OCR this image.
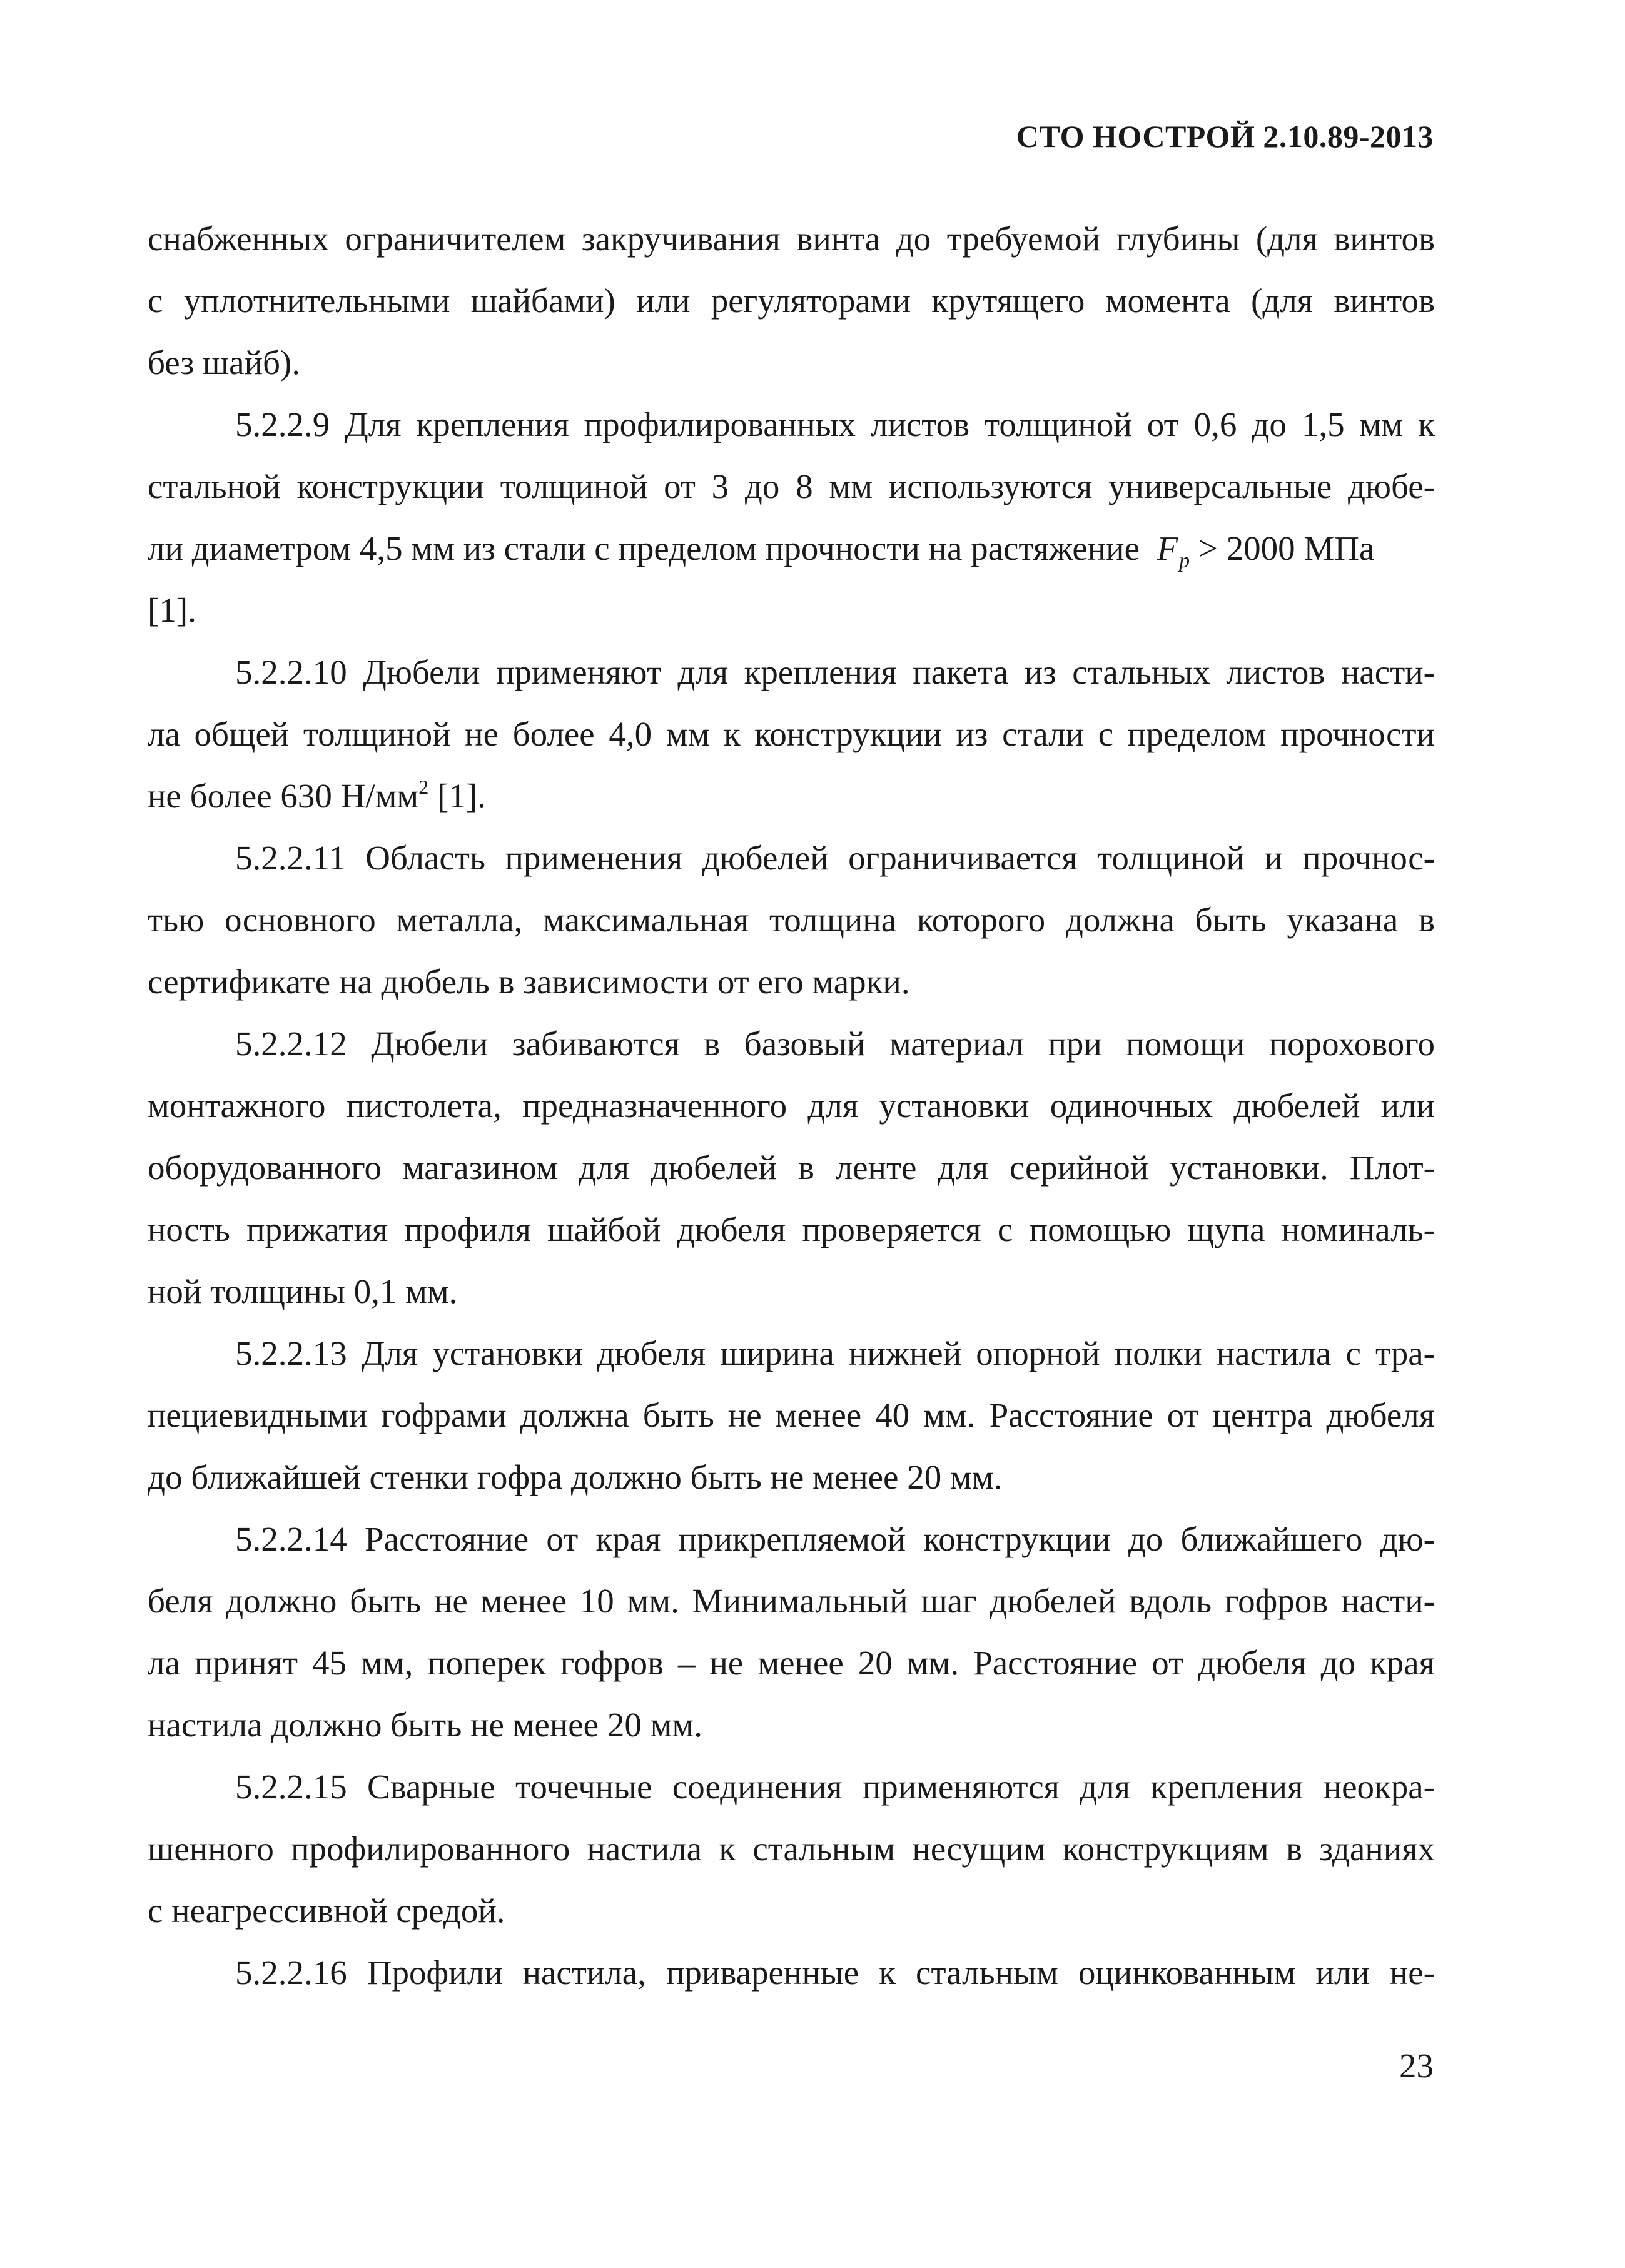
СТО НОСТРОЙ 2.10.89-2013
снабженных ограничителем закручивания винта до требуемой глубины (для винтов
с уплотнительными шайбами) или регуляторами крутящего момента (для винтов
без шайб).
5.2.2.9 Для крепления профилированных листов толщиной от 0,6 до 1,5 мм к
стальной конструкции толщиной от 3 до 8 мм используются универсальные дюбе-
ли диаметром 4,5 мм из стали с пределом прочности на растяжение $F_p > 2000$ МПа
[1].
5.2.2.10 Дюбели применяют для крепления пакета из стальных листов насти-
ла общей толщиной не более 4,0 мм к конструкции из стали с пределом прочности
не более 630 $Н/мм^2$ [1].
5.2.2.11 Область применения дюбелей ограничивается толщиной и прочнос-
тью основного металла, максимальная толщина которого должна быть указана в
сертификате на дюбель в зависимости от его марки.
5.2.2.12 Дюбели забиваются в базовый материал при помощи порохового
монтажного пистолета, предназначенного для установки одиночных дюбелей или
оборудованного магазином для дюбелей в ленте для серийной установки. Плот-
ность прижатия профиля шайбой дюбеля проверяется с помощью щупа номиналь-
ной толщины 0,1 мм.
5.2.2.13 Для установки дюбеля ширина нижней опорной полки настила с тра-
пециевидными гофрами должна быть не менее 40 мм. Расстояние от центра дюбеля
до ближайшей стенки гофра должно быть не менее 20 мм.
5.2.2.14 Расстояние от края прикрепляемой конструкции до ближайшего дю-
беля должно быть не менее 10 мм. Минимальный шаг дюбелей вдоль гофров насти-
ла принят 45 мм, поперек гофров – не менее 20 мм. Расстояние от дюбеля до края
настила должно быть не менее 20 мм.
5.2.2.15 Сварные точечные соединения применяются для крепления неокра-
шенного профилированного настила к стальным несущим конструкциям в зданиях
с неагрессивной средой.
5.2.2.16 Профили настила, приваренные к стальным оцинкованным или не-
23
